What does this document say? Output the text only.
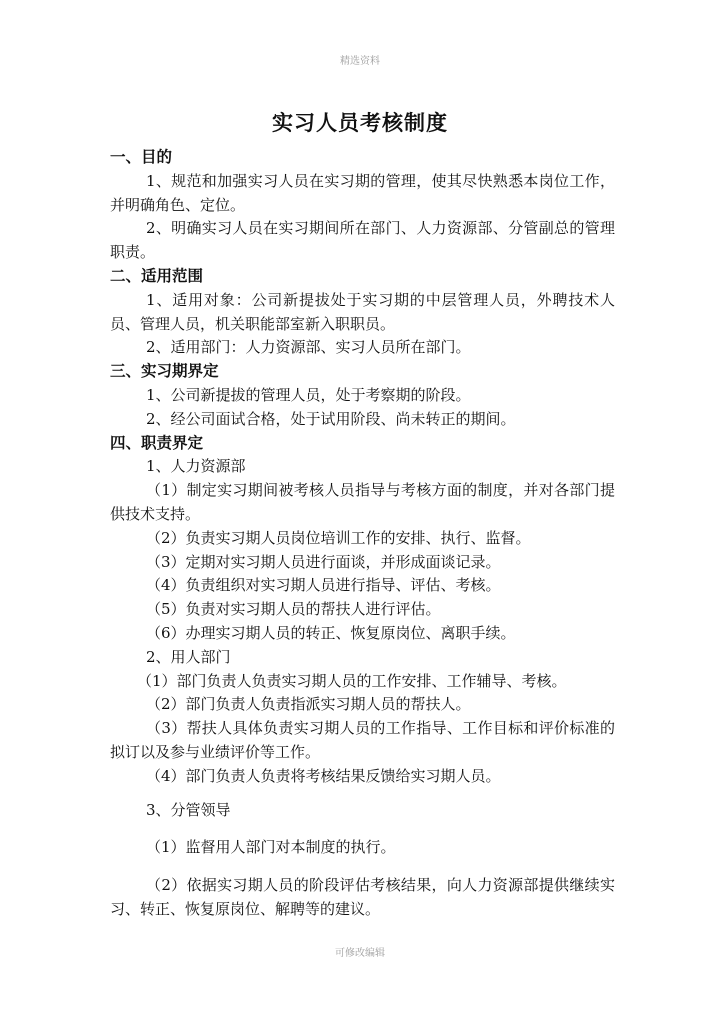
精选资料
实习人员考核制度
一、目的
1、规范和加强实习人员在实习期的管理，使其尽快熟悉本岗位工作，并明确角色、定位。
2、明确实习人员在实习期间所在部门、人力资源部、分管副总的管理职责。
二、适用范围
1、适用对象：公司新提拔处于实习期的中层管理人员，外聘技术人员、管理人员，机关职能部室新入职职员。
2、适用部门：人力资源部、实习人员所在部门。
三、实习期界定
1、公司新提拔的管理人员，处于考察期的阶段。
2、经公司面试合格，处于试用阶段、尚未转正的期间。
四、职责界定
1、人力资源部
（1）制定实习期间被考核人员指导与考核方面的制度，并对各部门提供技术支持。
（2）负责实习期人员岗位培训工作的安排、执行、监督。
（3）定期对实习期人员进行面谈，并形成面谈记录。
（4）负责组织对实习期人员进行指导、评估、考核。
（5）负责对实习期人员的帮扶人进行评估。
（6）办理实习期人员的转正、恢复原岗位、离职手续。
2、用人部门
（1）部门负责人负责实习期人员的工作安排、工作辅导、考核。
（2）部门负责人负责指派实习期人员的帮扶人。
（3）帮扶人具体负责实习期人员的工作指导、工作目标和评价标准的拟订以及参与业绩评价等工作。
（4）部门负责人负责将考核结果反馈给实习期人员。
3、分管领导
（1）监督用人部门对本制度的执行。
（2）依据实习期人员的阶段评估考核结果，向人力资源部提供继续实习、转正、恢复原岗位、解聘等的建议。
可修改编辑
